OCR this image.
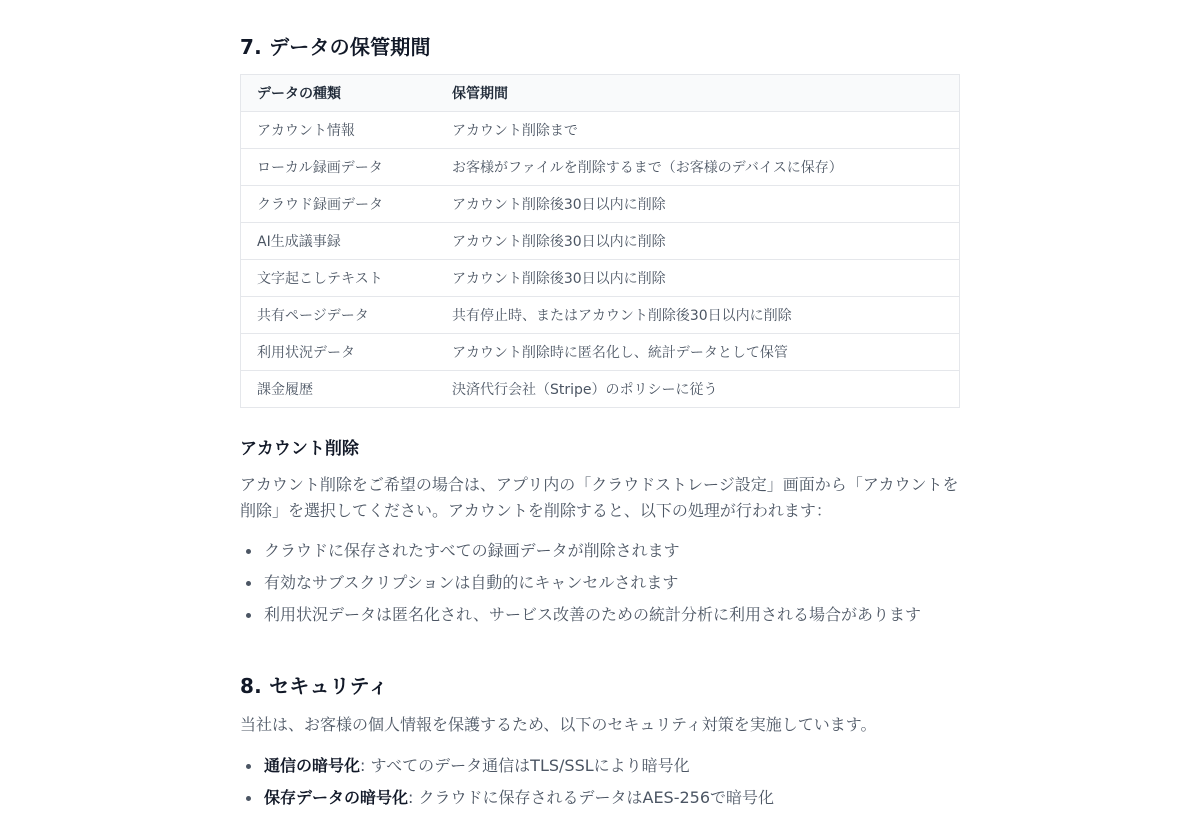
7. データの保管期間
データの種類	保管期間
アカウント情報	アカウント削除まで
ローカル録画データ	お客様がファイルを削除するまで（お客様のデバイスに保存）
クラウド録画データ	アカウント削除後30日以内に削除
AI生成議事録	アカウント削除後30日以内に削除
文字起こしテキスト	アカウント削除後30日以内に削除
共有ページデータ	共有停止時、またはアカウント削除後30日以内に削除
利用状況データ	アカウント削除時に匿名化し、統計データとして保管
課金履歴	決済代行会社（Stripe）のポリシーに従う
アカウント削除

アカウント削除をご希望の場合は、アプリ内の「クラウドストレージ設定」画面から「アカウントを削除」を選択してください。アカウントを削除すると、以下の処理が行われます：

クラウドに保存されたすべての録画データが削除されます
有効なサブスクリプションは自動的にキャンセルされます
利用状況データは匿名化され、サービス改善のための統計分析に利用される場合があります
8. セキュリティ

当社は、お客様の個人情報を保護するため、以下のセキュリティ対策を実施しています。

通信の暗号化: すべてのデータ通信はTLS/SSLにより暗号化
保存データの暗号化: クラウドに保存されるデータはAES-256で暗号化
